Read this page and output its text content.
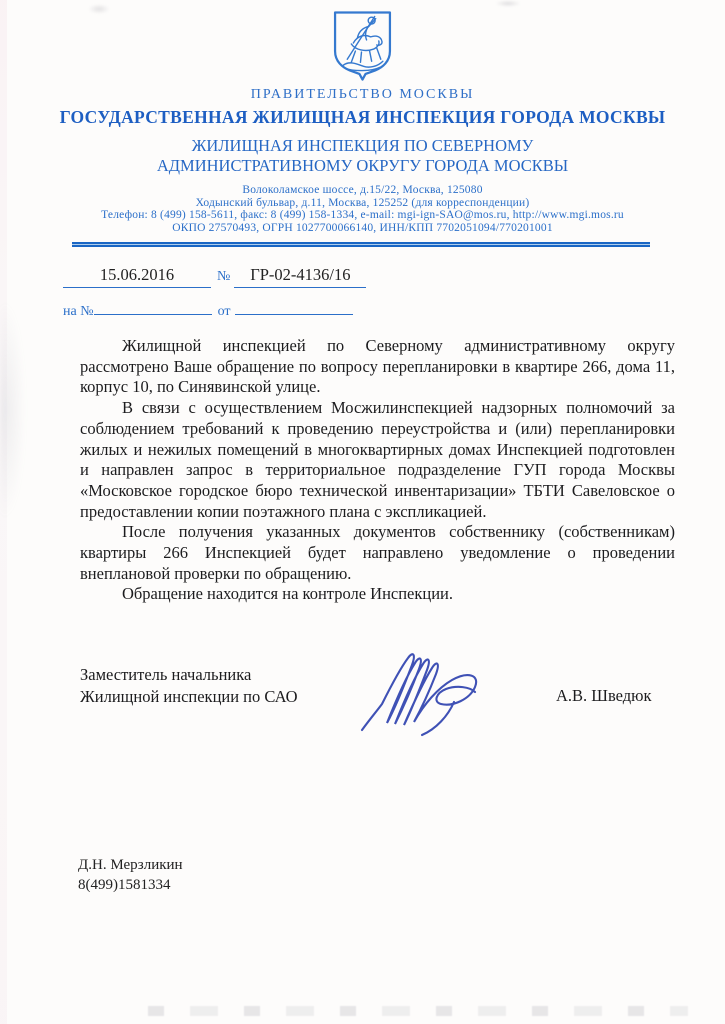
ПРАВИТЕЛЬСТВО МОСКВЫ
ГОСУДАРСТВЕННАЯ ЖИЛИЩНАЯ ИНСПЕКЦИЯ ГОРОДА МОСКВЫ
ЖИЛИЩНАЯ ИНСПЕКЦИЯ ПО СЕВЕРНОМУ
АДМИНИСТРАТИВНОМУ ОКРУГУ ГОРОДА МОСКВЫ
Волоколамское шоссе, д.15/22, Москва, 125080
Ходынский бульвар, д.11, Москва, 125252 (для корреспонденции)
Телефон: 8 (499) 158-5611, факс: 8 (499) 158-1334, e-mail: mgi-ign-SAO@mos.ru, http://www.mgi.mos.ru
ОКПО 27570493, ОГРН 1027700066140, ИНН/КПП 7702051094/770201001
15.06.2016	№ ГР-02-4136/16
на №	от

Жилищной инспекцией по Северному административному округу рассмотрено Ваше обращение по вопросу перепланировки в квартире 266, дома 11, корпус 10, по Синявинской улице.

В связи с осуществлением Мосжилинспекцией надзорных полномочий за соблюдением требований к проведению переустройства и (или) перепланировки жилых и нежилых помещений в многоквартирных домах Инспекцией подготовлен и направлен запрос в территориальное подразделение ГУП города Москвы «Московское городское бюро технической инвентаризации» ТБТИ Савеловское о предоставлении копии поэтажного плана с экспликацией.

После получения указанных документов собственнику (собственникам) квартиры 266 Инспекцией будет направлено уведомление о проведении внеплановой проверки по обращению.

Обращение находится на контроле Инспекции.

Заместитель начальника
Жилищной инспекции по САО	А.В. Шведюк
Д.Н. Мерзликин
8(499)1581334
